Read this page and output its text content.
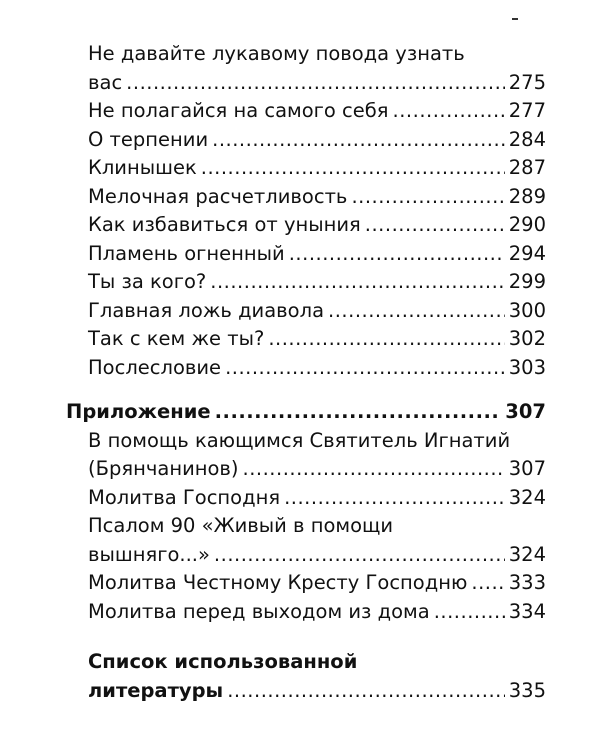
Не давайте лукавому повода узнать
вас .....	275
Не полагайся на самого себя .....	277
О терпении .....	284
Клинышек .....	287
Мелочная расчетливость .....	289
Как избавиться от уныния .....	290
Пламень огненный .....	294
Ты за кого? .....	299
Главная ложь диавола .....	300
Так с кем же ты? .....	302
Послесловие .....	303
Приложение .....	307
В помощь кающимся Святитель Игнатий
(Брянчанинов) .....	307
Молитва Господня .....	324
Псалом 90 «Живый в помощи
вышняго...» .....	324
Молитва Честному Кресту Господню ..... 333
Молитва перед выходом из дома .....	334
Список использованной
литературы .....	335
